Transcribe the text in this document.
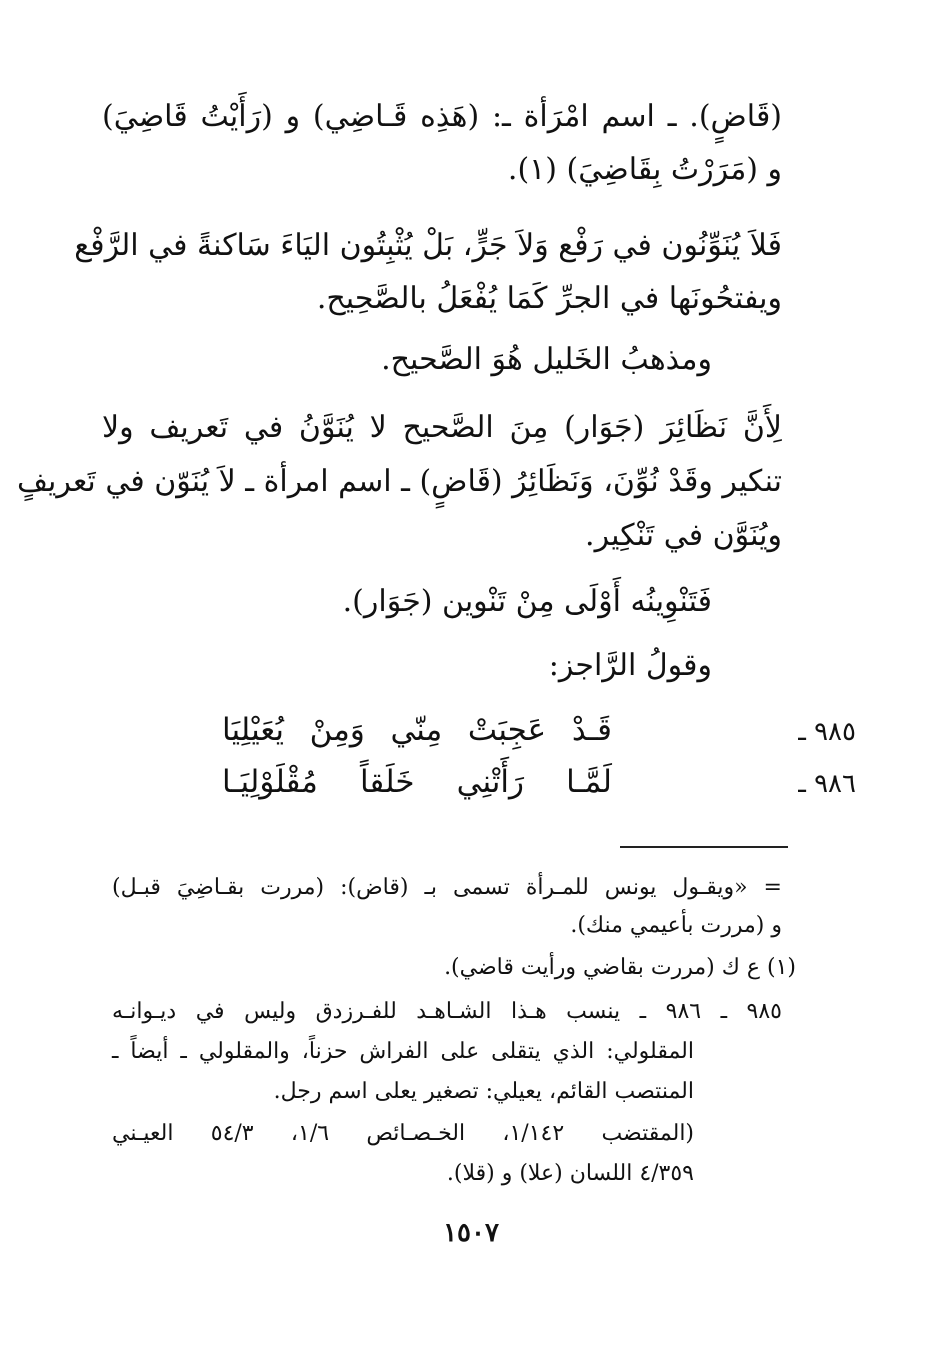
(قَاضٍ). ـ اسم امْرَأة ـ: (هَذِه قَـاضِي) و (رَأَيْتُ قَاضِيَ)
و (مَرَرْتُ بِقَاضِيَ) (١).
فَلاَ يُنَوِّنُون في رَفْع وَلاَ جَرٍّ، بَلْ يُثْبِتُون اليَاءَ سَاكنةً في الرَّفْع
ويفتحُونَها في الجرِّ كَمَا يُفْعَلُ بالصَّحِيح.
ومذهبُ الخَليل هُوَ الصَّحيح.
لِأَنَّ نَظَائِرَ (جَوَار) مِنَ الصَّحيح لا يُنَوَّنُ في تَعريف ولا
تنكير وقَدْ نُوِّنَ، وَنَظَائِرُ (قَاضٍ) ـ اسم امرأة ـ لاَ يُنَوّن في تَعريفٍ
ويُنَوَّن في تَنْكِير.
فَتَنْوِينُه أَوْلَى مِنْ تَنْوين (جَوَار).
وقولُ الرَّاجز:
٩٨٥ ـ
قَـدْ عَجِبَتْ مِنّي وَمِنْ يُعَيْلِيَا
٩٨٦ ـ
لَمَّـا رَأَتْنِي خَلَقاً مُقْلَوْلِيَـا
= «ويقـول يونس للمـرأة تسمى بـ (قاض): (مررت بقـاضِيَ قبـل)
و (مررت بأعيمي منك).
(١) ع ك (مررت بقاضي ورأيت قاضي).
٩٨٥ ـ ٩٨٦ ـ ينسب هـذا الشـاهـد للفـرزدق وليس في ديـوانـه
المقلولي: الذي يتقلى على الفراش حزناً، والمقلولي ـ أيضاً ـ
المنتصب القائم، يعيلي: تصغير يعلى اسم رجل.
(المقتضب ١/١٤٢، الخـصـائص ١/٦، ٥٤/٣ العيـني
٤/٣٥٩ اللسان (علا) و (قلا).
١٥٠٧
